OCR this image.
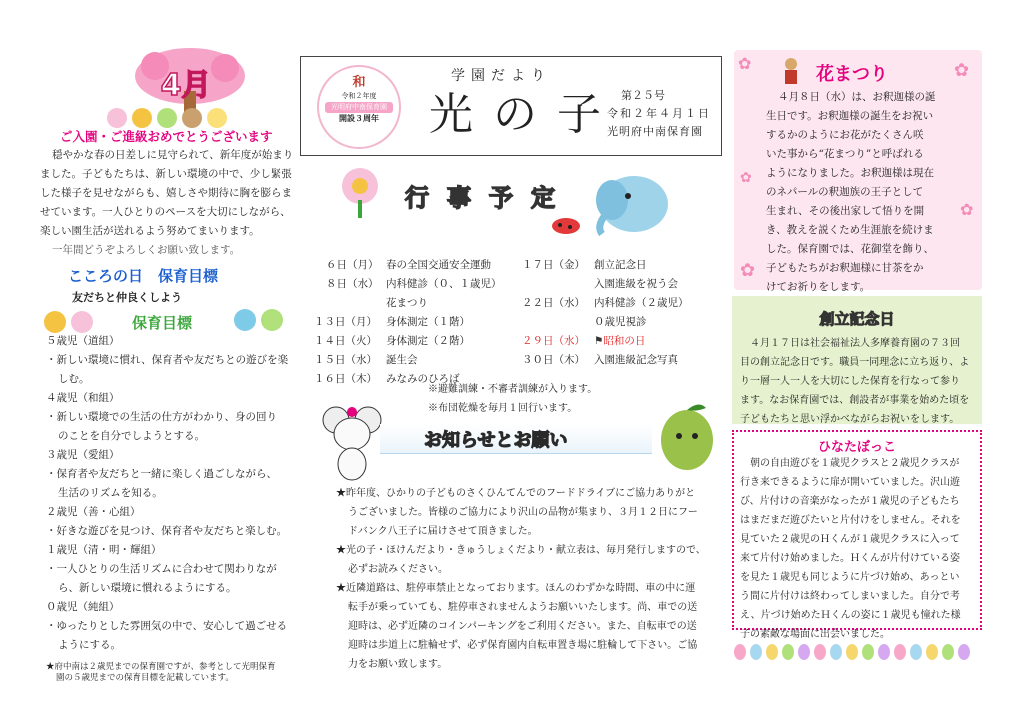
4月
ご入園・ご進級おめでとうございます

穏やかな春の日差しに見守られて、新年度が始まり

ました。子どもたちは、新しい環境の中で、少し緊張

した様子を見せながらも、嬉しさや期待に胸を膨らま

せています。一人ひとりのペースを大切にしながら、

楽しい園生活が送れるよう努めてまいります。

一年間どうぞよろしくお願い致します。

こころの日　保育目標
友だちと仲良くしよう
保育目標

５歳児（道組）

・新しい環境に慣れ、保育者や友だちとの遊びを楽

しむ。

４歳児（和組）

・新しい環境での生活の仕方がわかり、身の回り

のことを自分でしようとする。

３歳児（愛組）

・保育者や友だちと一緒に楽しく過ごしながら、

生活のリズムを知る。

２歳児（善・心組）

・好きな遊びを見つけ、保育者や友だちと楽しむ。

１歳児（清・明・輝組）

・一人ひとりの生活リズムに合わせて関わりなが

ら、新しい環境に慣れるようにする。

０歳児（純組）

・ゆったりとした雰囲気の中で、安心して過ごせる

ようにする。

★府中南は２歳児までの保育園ですが、参考として光明保育

園の５歳児までの保育目標を記載しています。

和
令和２年度
光明府中南保育園
開設３周年
学園だより
光の子 第２５号
令和２年４月１日
光明府中南保育園
行事予定

６日（月） 春の全国交通安全運動

８日（水） 内科健診（０、１歳児）

花まつり

１３日（月） 身体測定（１階）

１４日（火） 身体測定（２階）

１５日（水） 誕生会

１６日（木） みなみのひろば

１７日（金） 創立記念日

入園進級を祝う会

２２日（水） 内科健診（２歳児）

０歳児視診

２９日（水） ⚑昭和の日

３０日（木） 入園進級記念写真

※避難訓練・不審者訓練が入ります。

※布団乾燥を毎月１回行います。

お知らせとお願い

★昨年度、ひかりの子どものさくひんてんでのフードドライブにご協力ありがと

うございました。皆様のご協力により沢山の品物が集まり、３月１２日にフー

ドバンク八王子に届けさせて頂きました。

★光の子・ほけんだより・きゅうしょくだより・献立表は、毎月発行しますので、

必ずお読みください。

★近隣道路は、駐停車禁止となっております。ほんのわずかな時間、車の中に運

転手が乗っていても、駐停車されませんようお願いいたします。尚、車での送

迎時は、必ず近隣のコインパーキングをご利用ください。また、自転車での送

迎時は歩道上に駐輪せず、必ず保育園内自転車置き場に駐輪して下さい。ご協

力をお願い致します。

✿	✿
✿
✿
✿
花まつり

４月８日（水）は、お釈迦様の誕

生日です。お釈迦様の誕生をお祝い

するかのようにお花がたくさん咲

いた事から“花まつり”と呼ばれる

ようになりました。お釈迦様は現在

のネパールの釈迦族の王子として

生まれ、その後出家して悟りを開

き、教えを説くため生涯旅を続けま

した。保育園では、花御堂を飾り、

子どもたちがお釈迦様に甘茶をか

けてお祈りをします。

創立記念日

４月１７日は社会福祉法人多摩養育園の７３回

目の創立記念日です。職員一同理念に立ち返り、よ

り一層一人一人を大切にした保育を行なって参り

ます。なお保育園では、創設者が事業を始めた頃を

子どもたちと思い浮かべながらお祝いをします。

ひなたぼっこ

朝の自由遊びを１歳児クラスと２歳児クラスが

行き来できるように扉が開いていました。沢山遊

び、片付けの音楽がなったが１歳児の子どもたち

はまだまだ遊びたいと片付けをしません。それを

見ていた２歳児のＨくんが１歳児クラスに入って

来て片付け始めました。Ｈくんが片付けている姿

を見た１歳児も同じように片づけ始め、あっとい

う間に片付けは終わってしまいました。自分で考

え、片づけ始めたＨくんの姿に１歳児も憧れた様

子の素敵な場面に出会いました。
